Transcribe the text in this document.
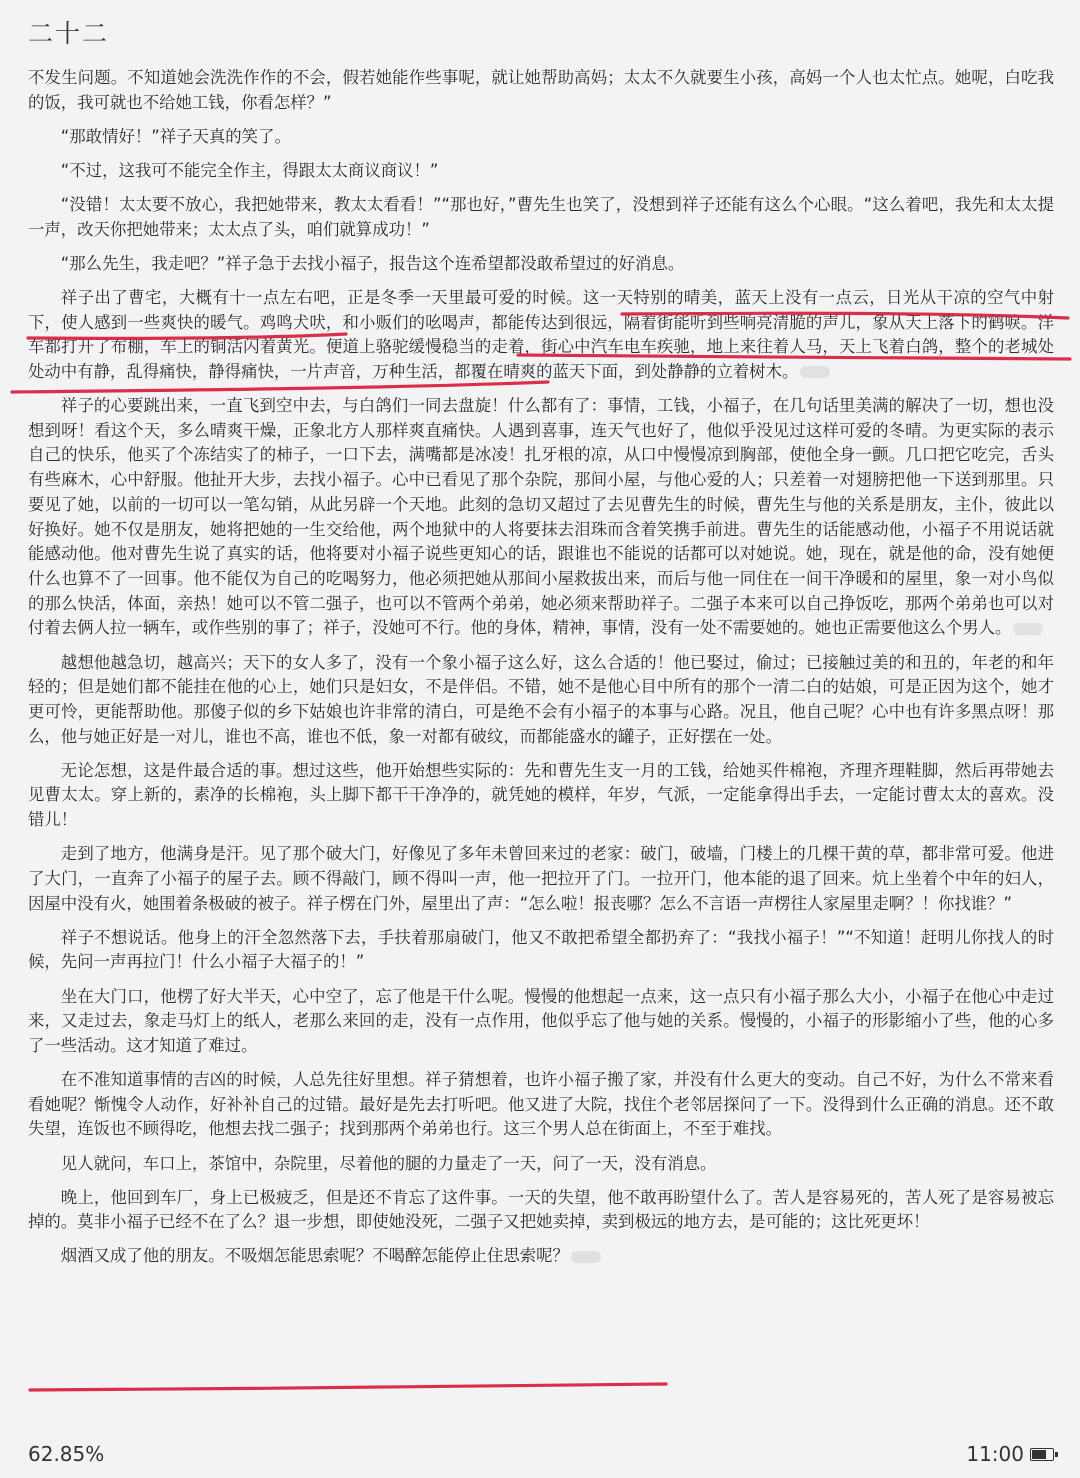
二十二

不发生问题。不知道她会洗洗作作的不会，假若她能作些事呢，就让她帮助高妈；太太不久就要生小孩，高妈一个人也太忙点。她呢，白吃我的饭，我可就也不给她工钱，你看怎样？”

“那敢情好！”祥子天真的笑了。

“不过，这我可不能完全作主，得跟太太商议商议！”

“没错！太太要不放心，我把她带来，教太太看看！”“那也好，”曹先生也笑了，没想到祥子还能有这么个心眼。“这么着吧，我先和太太提一声，改天你把她带来；太太点了头，咱们就算成功！”

“那么先生，我走吧？”祥子急于去找小福子，报告这个连希望都没敢希望过的好消息。

祥子出了曹宅，大概有十一点左右吧，正是冬季一天里最可爱的时候。这一天特别的晴美，蓝天上没有一点云，日光从干凉的空气中射下，使人感到一些爽快的暖气。鸡鸣犬吠，和小贩们的吆喝声，都能传达到很远，隔着街能听到些响亮清脆的声儿，象从天上落下的鹤唳。洋车都打开了布棚，车上的铜活闪着黄光。便道上骆驼缓慢稳当的走着，街心中汽车电车疾驰，地上来往着人马，天上飞着白鸽，整个的老城处处动中有静，乱得痛快，静得痛快，一片声音，万种生活，都覆在晴爽的蓝天下面，到处静静的立着树木。

祥子的心要跳出来，一直飞到空中去，与白鸽们一同去盘旋！什么都有了：事情，工钱，小福子，在几句话里美满的解决了一切，想也没想到呀！看这个天，多么晴爽干燥，正象北方人那样爽直痛快。人遇到喜事，连天气也好了，他似乎没见过这样可爱的冬晴。为更实际的表示自己的快乐，他买了个冻结实了的柿子，一口下去，满嘴都是冰凌！扎牙根的凉，从口中慢慢凉到胸部，使他全身一颤。几口把它吃完，舌头有些麻木，心中舒服。他扯开大步，去找小福子。心中已看见了那个杂院，那间小屋，与他心爱的人；只差着一对翅膀把他一下送到那里。只要见了她，以前的一切可以一笔勾销，从此另辟一个天地。此刻的急切又超过了去见曹先生的时候，曹先生与他的关系是朋友，主仆，彼此以好换好。她不仅是朋友，她将把她的一生交给他，两个地狱中的人将要抹去泪珠而含着笑携手前进。曹先生的话能感动他，小福子不用说话就能感动他。他对曹先生说了真实的话，他将要对小福子说些更知心的话，跟谁也不能说的话都可以对她说。她，现在，就是他的命，没有她便什么也算不了一回事。他不能仅为自己的吃喝努力，他必须把她从那间小屋救拔出来，而后与他一同住在一间干净暖和的屋里，象一对小鸟似的那么快活，体面，亲热！她可以不管二强子，也可以不管两个弟弟，她必须来帮助祥子。二强子本来可以自己挣饭吃，那两个弟弟也可以对付着去俩人拉一辆车，或作些别的事了；祥子，没她可不行。他的身体，精神，事情，没有一处不需要她的。她也正需要他这么个男人。

越想他越急切，越高兴；天下的女人多了，没有一个象小福子这么好，这么合适的！他已娶过，偷过；已接触过美的和丑的，年老的和年轻的；但是她们都不能挂在他的心上，她们只是妇女，不是伴侣。不错，她不是他心目中所有的那个一清二白的姑娘，可是正因为这个，她才更可怜，更能帮助他。那傻子似的乡下姑娘也许非常的清白，可是绝不会有小福子的本事与心路。况且，他自己呢？心中也有许多黑点呀！那么，他与她正好是一对儿，谁也不高，谁也不低，象一对都有破纹，而都能盛水的罐子，正好摆在一处。

无论怎想，这是件最合适的事。想过这些，他开始想些实际的：先和曹先生支一月的工钱，给她买件棉袍，齐理齐理鞋脚，然后再带她去见曹太太。穿上新的，素净的长棉袍，头上脚下都干干净净的，就凭她的模样，年岁，气派，一定能拿得出手去，一定能讨曹太太的喜欢。没错儿！

走到了地方，他满身是汗。见了那个破大门，好像见了多年未曾回来过的老家：破门，破墙，门楼上的几棵干黄的草，都非常可爱。他进了大门，一直奔了小福子的屋子去。顾不得敲门，顾不得叫一声，他一把拉开了门。一拉开门，他本能的退了回来。炕上坐着个中年的妇人，因屋中没有火，她围着条极破的被子。祥子楞在门外，屋里出了声：“怎么啦！报丧哪？怎么不言语一声楞往人家屋里走啊？！你找谁？”

祥子不想说话。他身上的汗全忽然落下去，手扶着那扇破门，他又不敢把希望全都扔弃了：“我找小福子！”“不知道！赶明儿你找人的时候，先问一声再拉门！什么小福子大福子的！”

坐在大门口，他楞了好大半天，心中空了，忘了他是干什么呢。慢慢的他想起一点来，这一点只有小福子那么大小，小福子在他心中走过来，又走过去，象走马灯上的纸人，老那么来回的走，没有一点作用，他似乎忘了他与她的关系。慢慢的，小福子的形影缩小了些，他的心多了一些活动。这才知道了难过。

在不准知道事情的吉凶的时候，人总先往好里想。祥子猜想着，也许小福子搬了家，并没有什么更大的变动。自己不好，为什么不常来看看她呢？惭愧令人动作，好补补自己的过错。最好是先去打听吧。他又进了大院，找住个老邻居探问了一下。没得到什么正确的消息。还不敢失望，连饭也不顾得吃，他想去找二强子；找到那两个弟弟也行。这三个男人总在街面上，不至于难找。

见人就问，车口上，茶馆中，杂院里，尽着他的腿的力量走了一天，问了一天，没有消息。

晚上，他回到车厂，身上已极疲乏，但是还不肯忘了这件事。一天的失望，他不敢再盼望什么了。苦人是容易死的，苦人死了是容易被忘掉的。莫非小福子已经不在了么？退一步想，即使她没死，二强子又把她卖掉，卖到极远的地方去，是可能的；这比死更坏！

烟酒又成了他的朋友。不吸烟怎能思索呢？不喝醉怎能停止住思索呢？

62.85%	11:00
